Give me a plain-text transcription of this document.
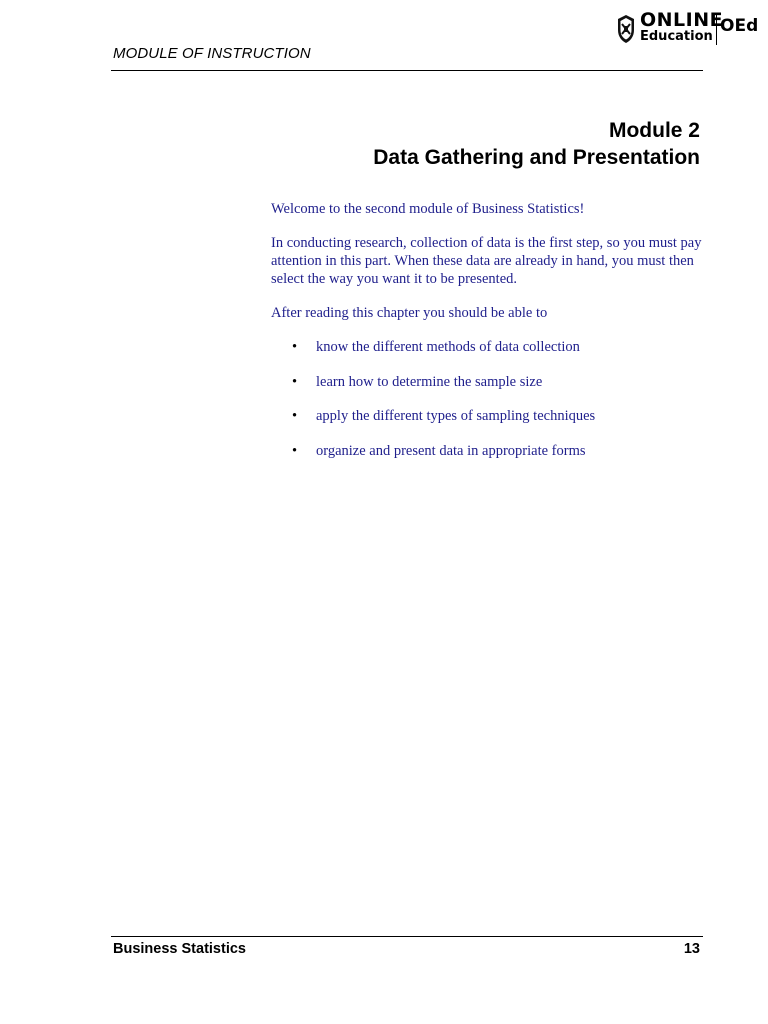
MODULE OF INSTRUCTION
ONLINE
Education
OEd
Module 2
Data Gathering and Presentation

Welcome to the second module of Business Statistics!

In conducting research, collection of data is the first step, so you must pay attention in this part. When these data are already in hand, you must then select the way you want it to be presented.

After reading this chapter you should be able to

• know the different methods of data collection
• learn how to determine the sample size
• apply the different types of sampling techniques
• organize and present data in appropriate forms
Business Statistics	13
